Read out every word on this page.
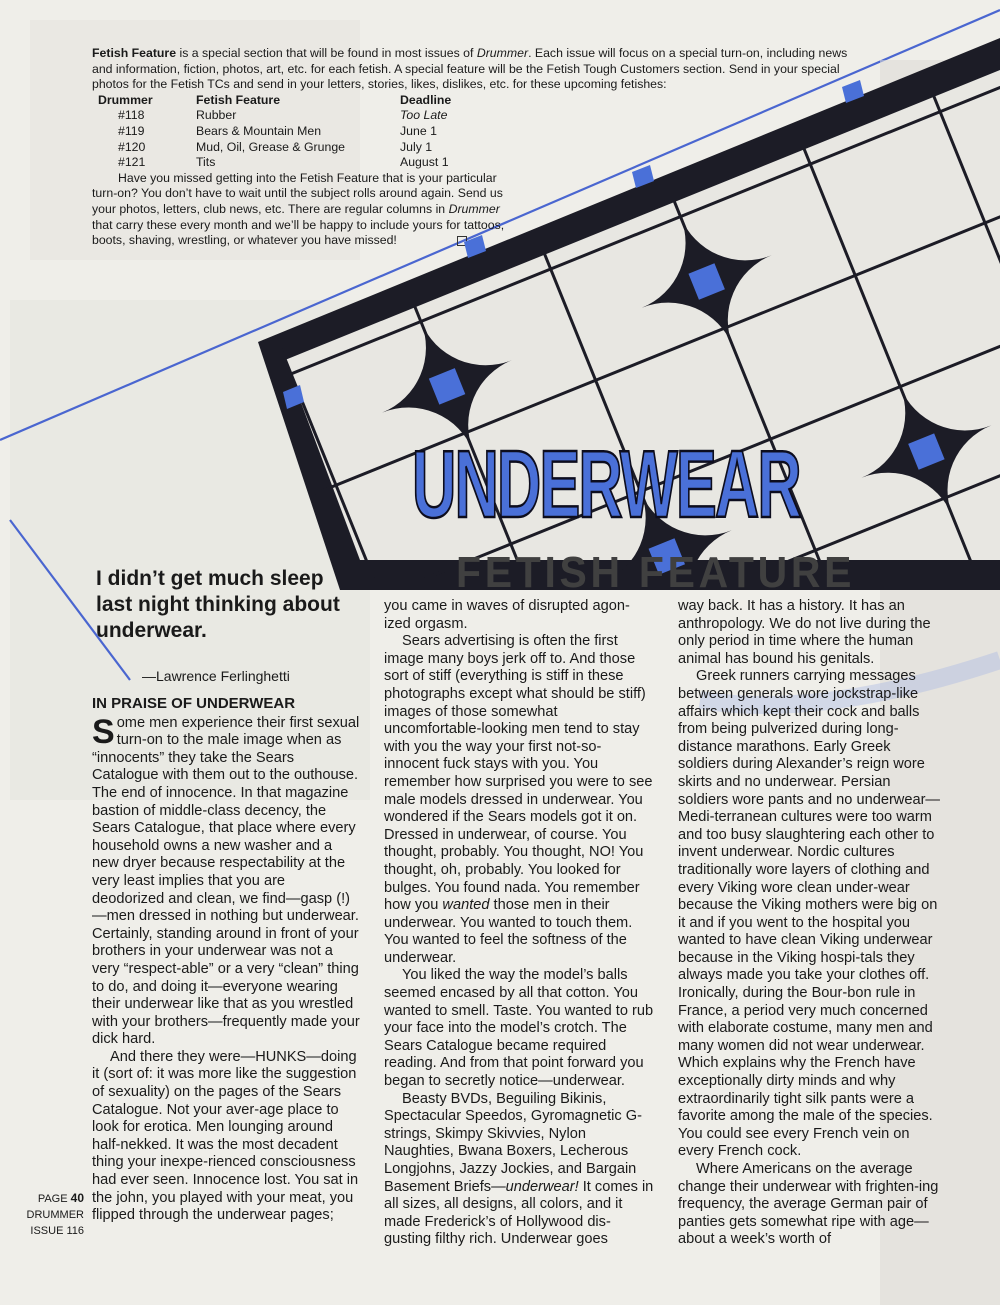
Fetish Feature is a special section that will be found in most issues of Drummer. Each issue will focus on a special turn-on, including news and information, fiction, photos, art, etc. for each fetish. A special feature will be the Fetish Tough Customers section. Send in your special photos for the Fetish TCs and send in your letters, stories, likes, dislikes, etc. for these upcoming fetishes:

Drummer	Fetish Feature	Deadline
#118	Rubber	Too Late
#119	Bears & Mountain Men	June 1
#120	Mud, Oil, Grease & Grunge	July 1
#121	Tits	August 1

Have you missed getting into the Fetish Feature that is your particular turn-on? You don’t have to wait until the subject rolls around again. Send us your photos, letters, club news, etc. There are regular columns in Drummer that carry these every month and we’ll be happy to include yours for tattoos, boots, shaving, wrestling, or whatever you have missed!

UNDERWEAR
FETISH FEATURE
I didn’t get much sleep last night thinking about underwear.
—Lawrence Ferlinghetti
IN PRAISE OF UNDERWEAR

Some men experience their first sexual turn-on to the male image when as “innocents” they take the Sears Catalogue with them out to the outhouse. The end of innocence. In that magazine bastion of middle-class decency, the Sears Catalogue, that place where every household owns a new washer and a new dryer because respectability at the very least implies that you are deodorized and clean, we find—gasp (!)—men dressed in nothing but underwear. Certainly, standing around in front of your brothers in your underwear was not a very “respect-able” or a very “clean” thing to do, and doing it—everyone wearing their underwear like that as you wrestled with your brothers—frequently made your dick hard.

And there they were—HUNKS—doing it (sort of: it was more like the suggestion of sexuality) on the pages of the Sears Catalogue. Not your aver-age place to look for erotica. Men lounging around half-nekked. It was the most decadent thing your inexpe-rienced consciousness had ever seen. Innocence lost. You sat in the john, you played with your meat, you flipped through the underwear pages;

you came in waves of disrupted agon-ized orgasm.

Sears advertising is often the first image many boys jerk off to. And those sort of stiff (everything is stiff in these photographs except what should be stiff) images of those somewhat uncomfortable-looking men tend to stay with you the way your first not-so-innocent fuck stays with you. You remember how surprised you were to see male models dressed in underwear. You wondered if the Sears models got it on. Dressed in underwear, of course. You thought, probably. You thought, NO! You thought, oh, probably. You looked for bulges. You found nada. You remember how you wanted those men in their underwear. You wanted to touch them. You wanted to feel the softness of the underwear.

You liked the way the model’s balls seemed encased by all that cotton. You wanted to smell. Taste. You wanted to rub your face into the model’s crotch. The Sears Catalogue became required reading. And from that point forward you began to secretly notice—underwear.

Beasty BVDs, Beguiling Bikinis, Spectacular Speedos, Gyromagnetic G-strings, Skimpy Skivvies, Nylon Naughties, Bwana Boxers, Lecherous Longjohns, Jazzy Jockies, and Bargain Basement Briefs—underwear! It comes in all sizes, all designs, all colors, and it made Frederick’s of Hollywood dis-gusting filthy rich. Underwear goes

way back. It has a history. It has an anthropology. We do not live during the only period in time where the human animal has bound his genitals.

Greek runners carrying messages between generals wore jockstrap-like affairs which kept their cock and balls from being pulverized during long-distance marathons. Early Greek soldiers during Alexander’s reign wore skirts and no underwear. Persian soldiers wore pants and no underwear—Medi-terranean cultures were too warm and too busy slaughtering each other to invent underwear. Nordic cultures traditionally wore layers of clothing and every Viking wore clean under-wear because the Viking mothers were big on it and if you went to the hospital you wanted to have clean Viking underwear because in the Viking hospi-tals they always made you take your clothes off. Ironically, during the Bour-bon rule in France, a period very much concerned with elaborate costume, many men and many women did not wear underwear. Which explains why the French have exceptionally dirty minds and why extraordinarily tight silk pants were a favorite among the male of the species. You could see every French vein on every French cock.

Where Americans on the average change their underwear with frighten-ing frequency, the average German pair of panties gets somewhat ripe with age—about a week’s worth of

PAGE 40
DRUMMER
ISSUE 116
